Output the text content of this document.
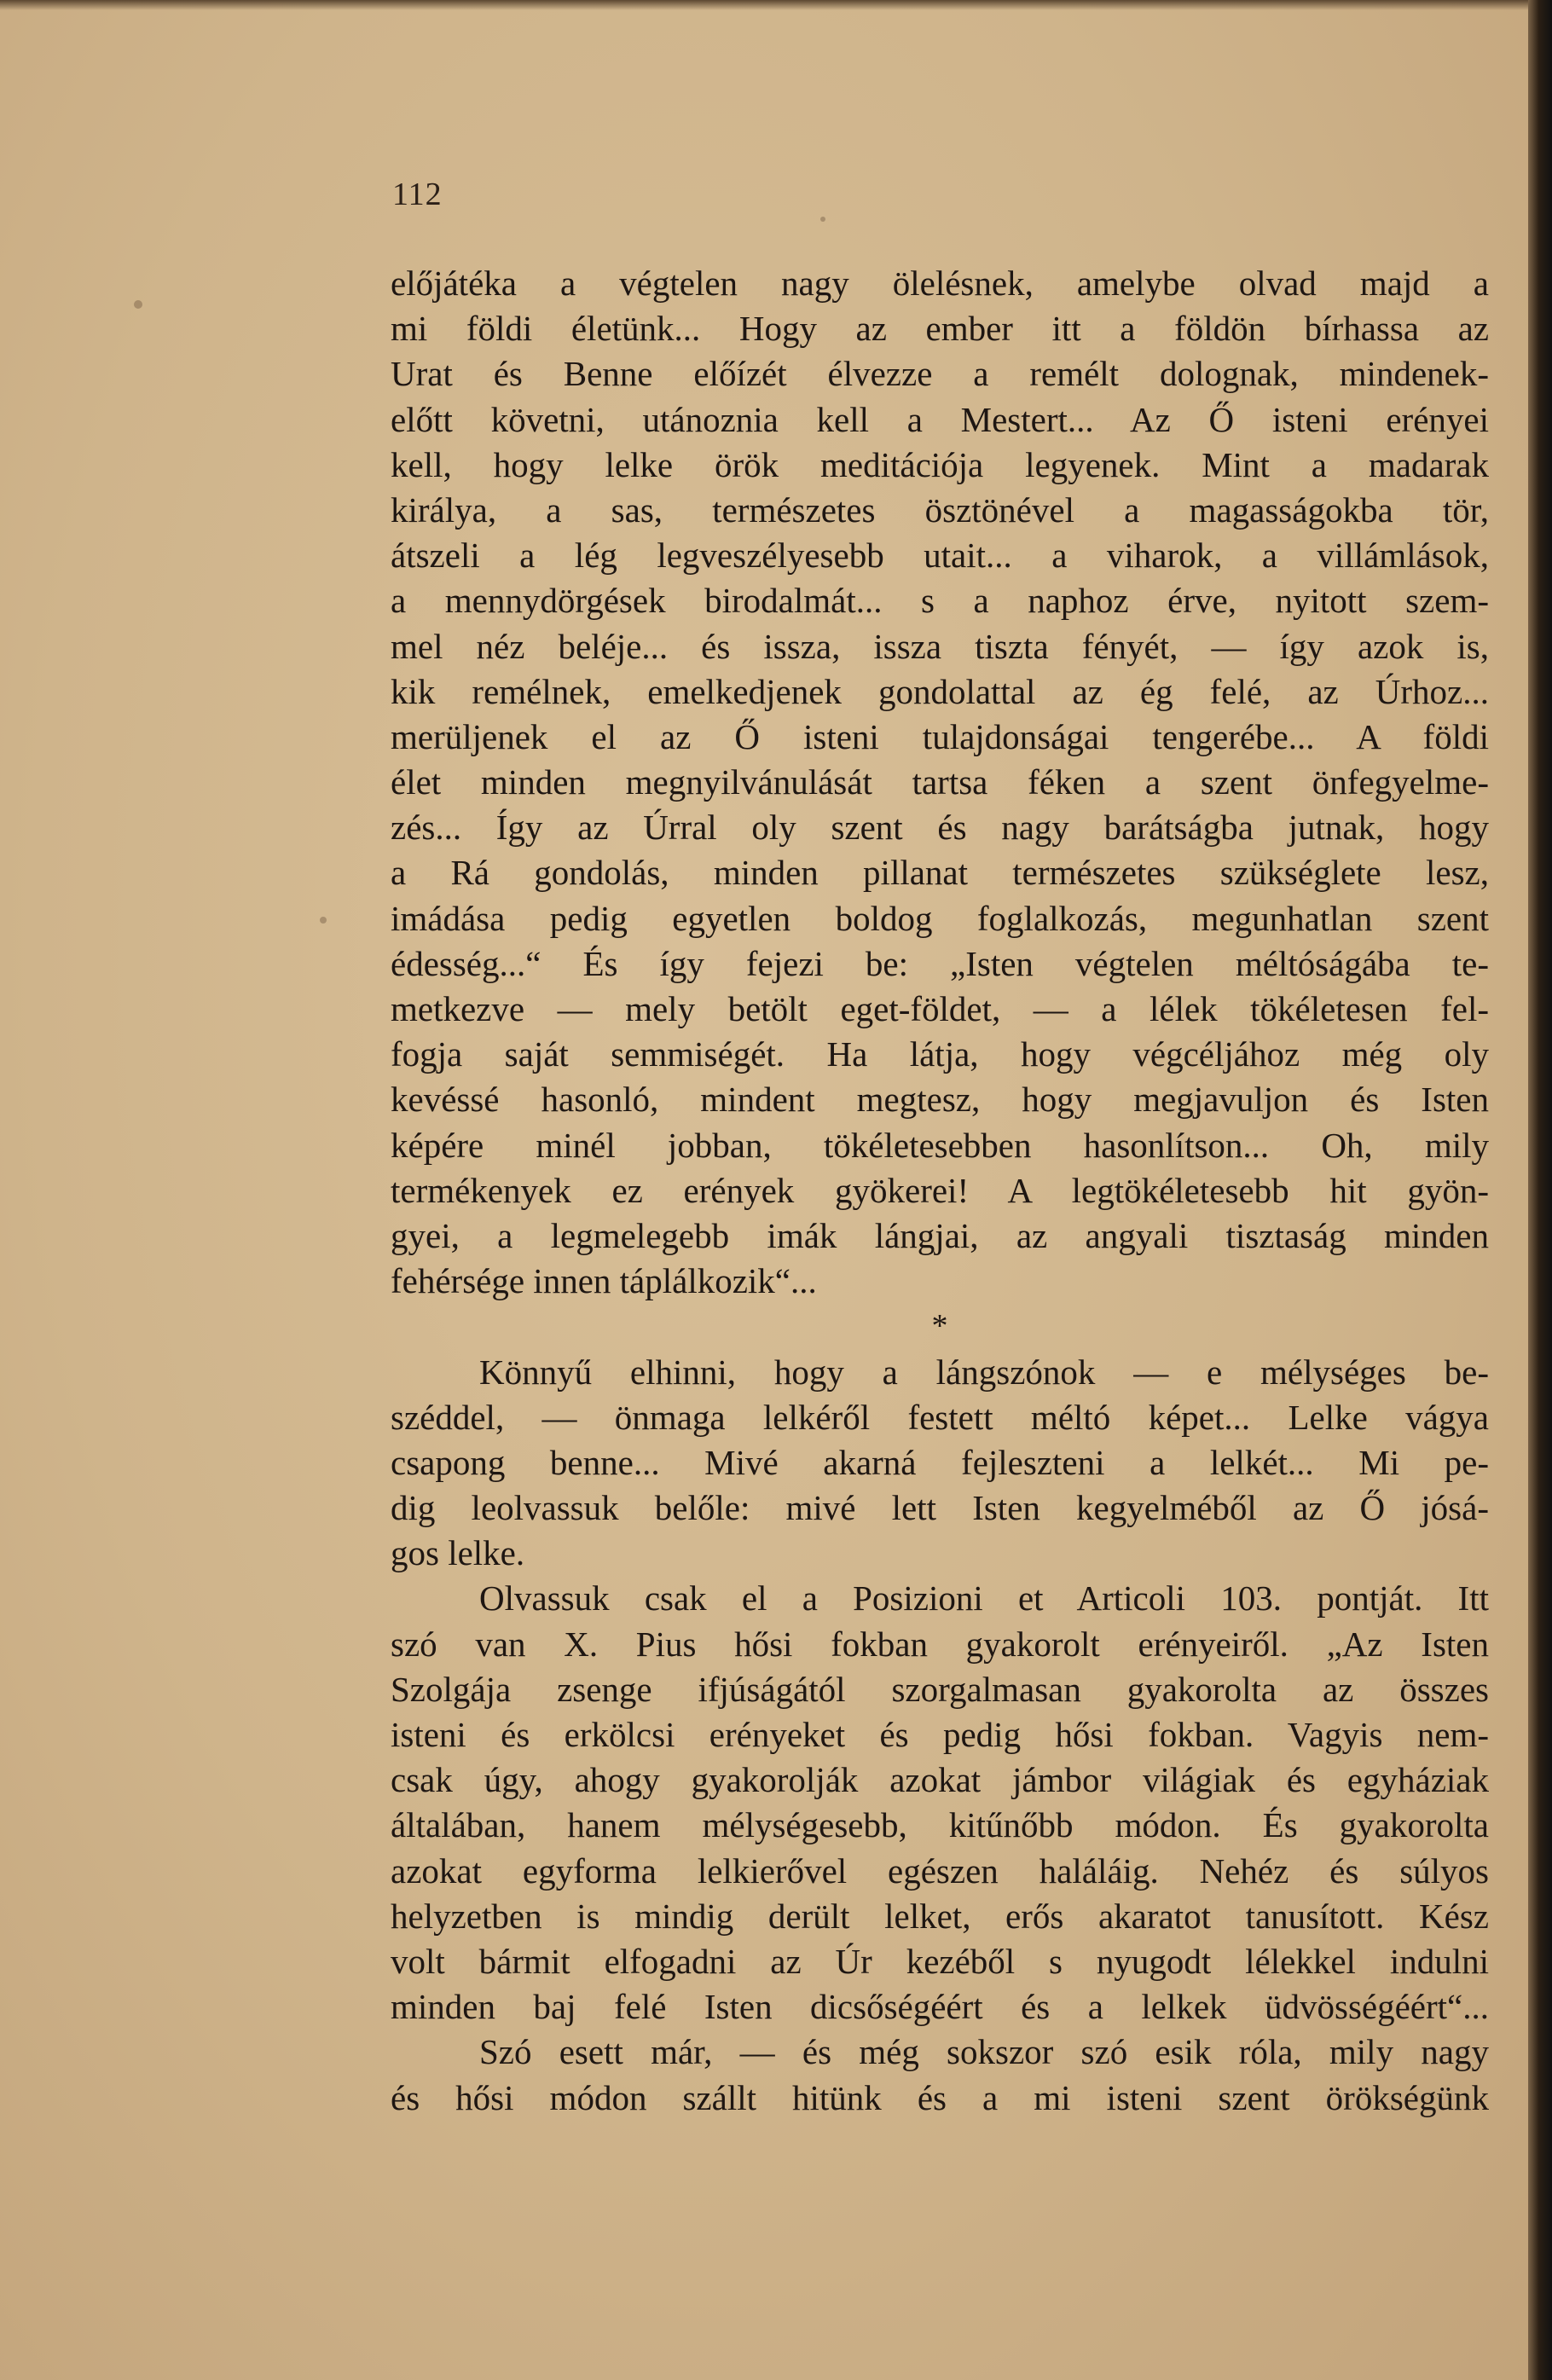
112
előjátéka a végtelen nagy ölelésnek, amelybe olvad majd a
mi földi életünk... Hogy az ember itt a földön bírhassa az
Urat és Benne előízét élvezze a remélt dolognak, mindenek-
előtt követni, utánoznia kell a Mestert... Az Ő isteni erényei
kell, hogy lelke örök meditációja legyenek. Mint a madarak
királya, a sas, természetes ösztönével a magasságokba tör,
átszeli a lég legveszélyesebb utait... a viharok, a villámlások,
a mennydörgések birodalmát... s a naphoz érve, nyitott szem-
mel néz beléje... és issza, issza tiszta fényét, — így azok is,
kik remélnek, emelkedjenek gondolattal az ég felé, az Úrhoz...
merüljenek el az Ő isteni tulajdonságai tengerébe... A földi
élet minden megnyilvánulását tartsa féken a szent önfegyelme-
zés... Így az Úrral oly szent és nagy barátságba jutnak, hogy
a Rá gondolás, minden pillanat természetes szükséglete lesz,
imádása pedig egyetlen boldog foglalkozás, megunhatlan szent
édesség...“ És így fejezi be: „Isten végtelen méltóságába te-
metkezve — mely betölt eget-földet, — a lélek tökéletesen fel-
fogja saját semmiségét. Ha látja, hogy végcéljához még oly
kevéssé hasonló, mindent megtesz, hogy megjavuljon és Isten
képére minél jobban, tökéletesebben hasonlítson... Oh, mily
termékenyek ez erények gyökerei! A legtökéletesebb hit gyön-
gyei, a legmelegebb imák lángjai, az angyali tisztaság minden
fehérsége innen táplálkozik“...
*
Könnyű elhinni, hogy a lángszónok — e mélységes be-
széddel, — önmaga lelkéről festett méltó képet... Lelke vágya
csapong benne... Mivé akarná fejleszteni a lelkét... Mi pe-
dig leolvassuk belőle: mivé lett Isten kegyelméből az Ő jósá-
gos lelke.
Olvassuk csak el a Posizioni et Articoli 103. pontját. Itt
szó van X. Pius hősi fokban gyakorolt erényeiről. „Az Isten
Szolgája zsenge ifjúságától szorgalmasan gyakorolta az összes
isteni és erkölcsi erényeket és pedig hősi fokban. Vagyis nem-
csak úgy, ahogy gyakorolják azokat jámbor világiak és egyháziak
általában, hanem mélységesebb, kitűnőbb módon. És gyakorolta
azokat egyforma lelkierővel egészen haláláig. Nehéz és súlyos
helyzetben is mindig derült lelket, erős akaratot tanusított. Kész
volt bármit elfogadni az Úr kezéből s nyugodt lélekkel indulni
minden baj felé Isten dicsőségéért és a lelkek üdvösségéért“...
Szó esett már, — és még sokszor szó esik róla, mily nagy
és hősi módon szállt hitünk és a mi isteni szent örökségünk
